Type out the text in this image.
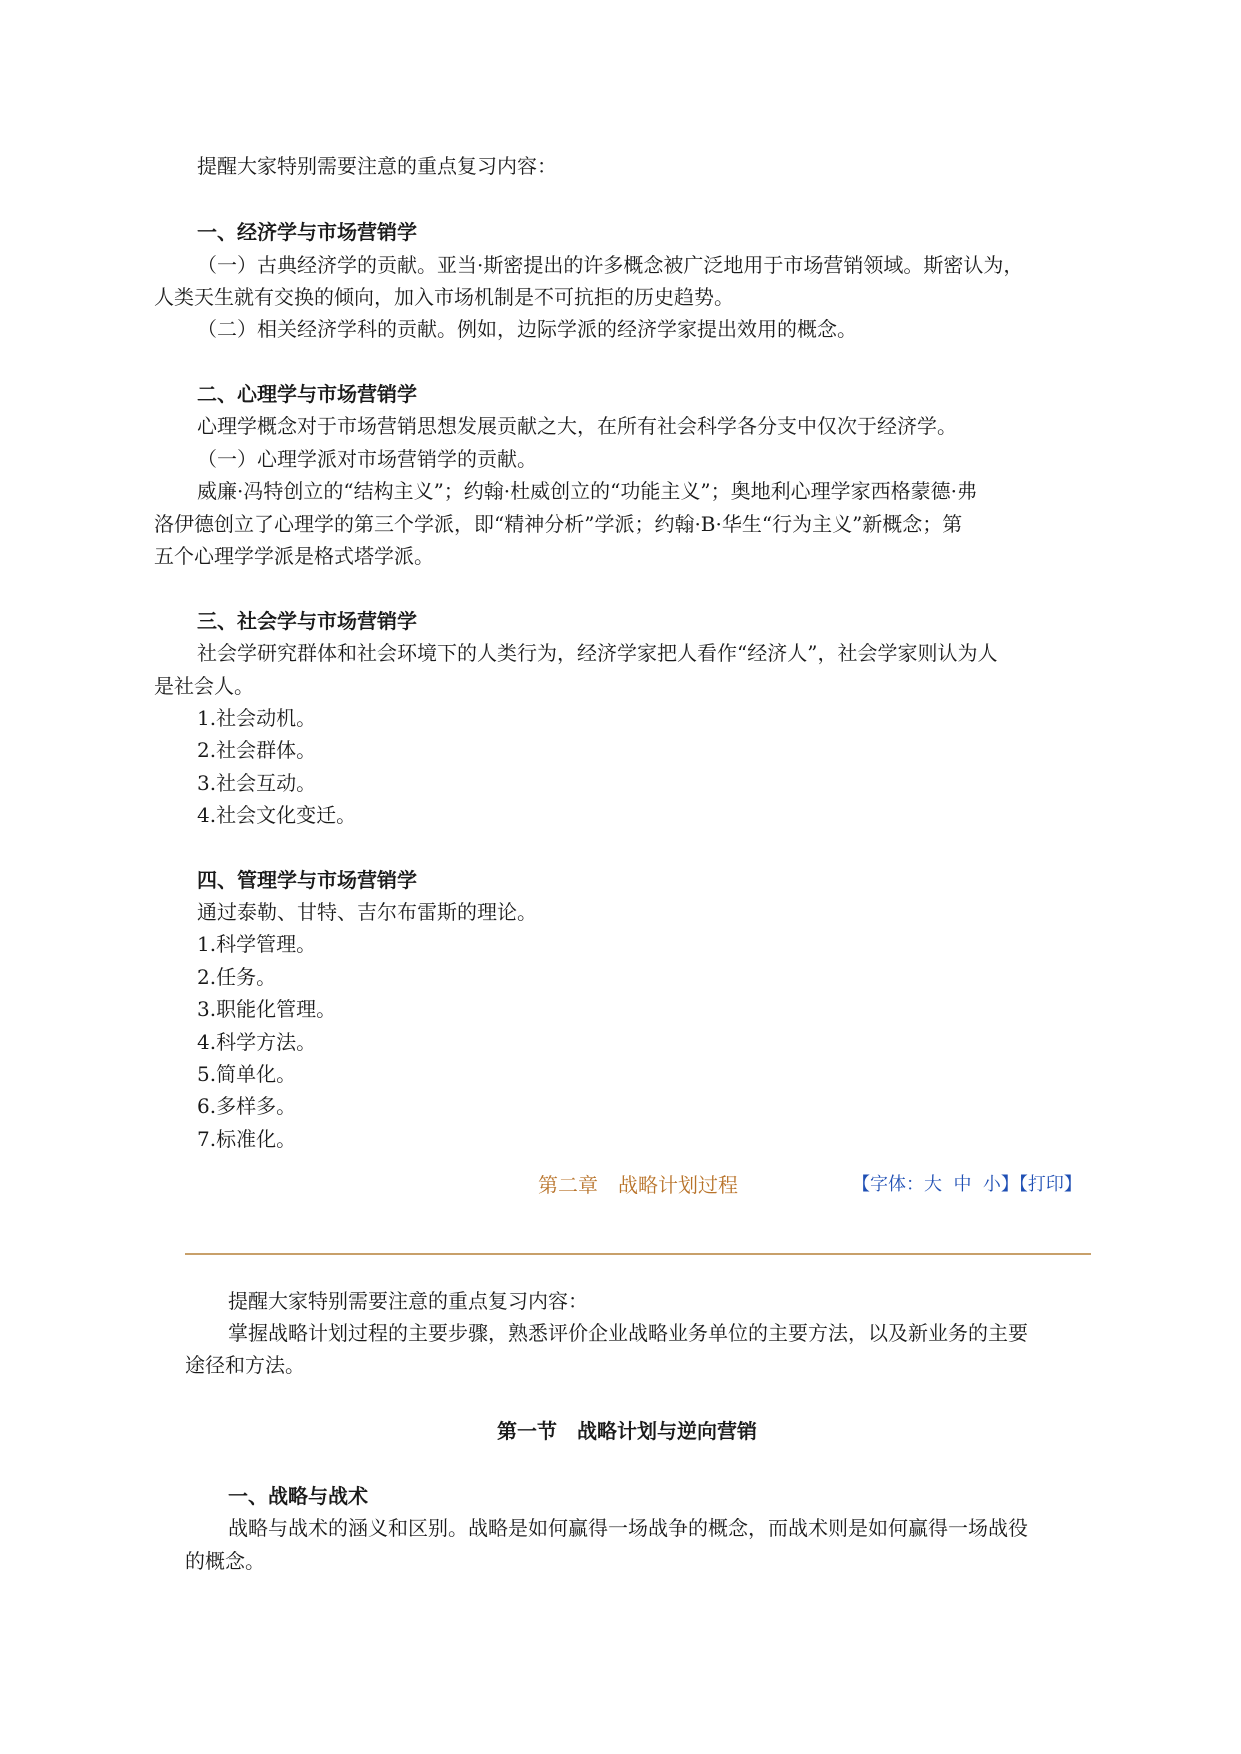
提醒大家特别需要注意的重点复习内容：
一、经济学与市场营销学
（一）古典经济学的贡献。亚当·斯密提出的许多概念被广泛地用于市场营销领域。斯密认为，
人类天生就有交换的倾向，加入市场机制是不可抗拒的历史趋势。
（二）相关经济学科的贡献。例如，边际学派的经济学家提出效用的概念。
二、心理学与市场营销学
心理学概念对于市场营销思想发展贡献之大，在所有社会科学各分支中仅次于经济学。
（一）心理学派对市场营销学的贡献。
威廉·冯特创立的“结构主义”；约翰·杜威创立的“功能主义”；奥地利心理学家西格蒙德·弗
洛伊德创立了心理学的第三个学派，即“精神分析”学派；约翰·B·华生“行为主义”新概念；第
五个心理学学派是格式塔学派。
三、社会学与市场营销学
社会学研究群体和社会环境下的人类行为，经济学家把人看作“经济人”，社会学家则认为人
是社会人。
1.社会动机。
2.社会群体。
3.社会互动。
4.社会文化变迁。
四、管理学与市场营销学
通过泰勒、甘特、吉尔布雷斯的理论。
1.科学管理。
2.任务。
3.职能化管理。
4.科学方法。
5.简单化。
6.多样多。
7.标准化。
第二章　战略计划过程	【字体：大 中 小】【打印】
提醒大家特别需要注意的重点复习内容：
掌握战略计划过程的主要步骤，熟悉评价企业战略业务单位的主要方法，以及新业务的主要
途径和方法。
第一节　战略计划与逆向营销
一、战略与战术
战略与战术的涵义和区别。战略是如何赢得一场战争的概念，而战术则是如何赢得一场战役
的概念。
